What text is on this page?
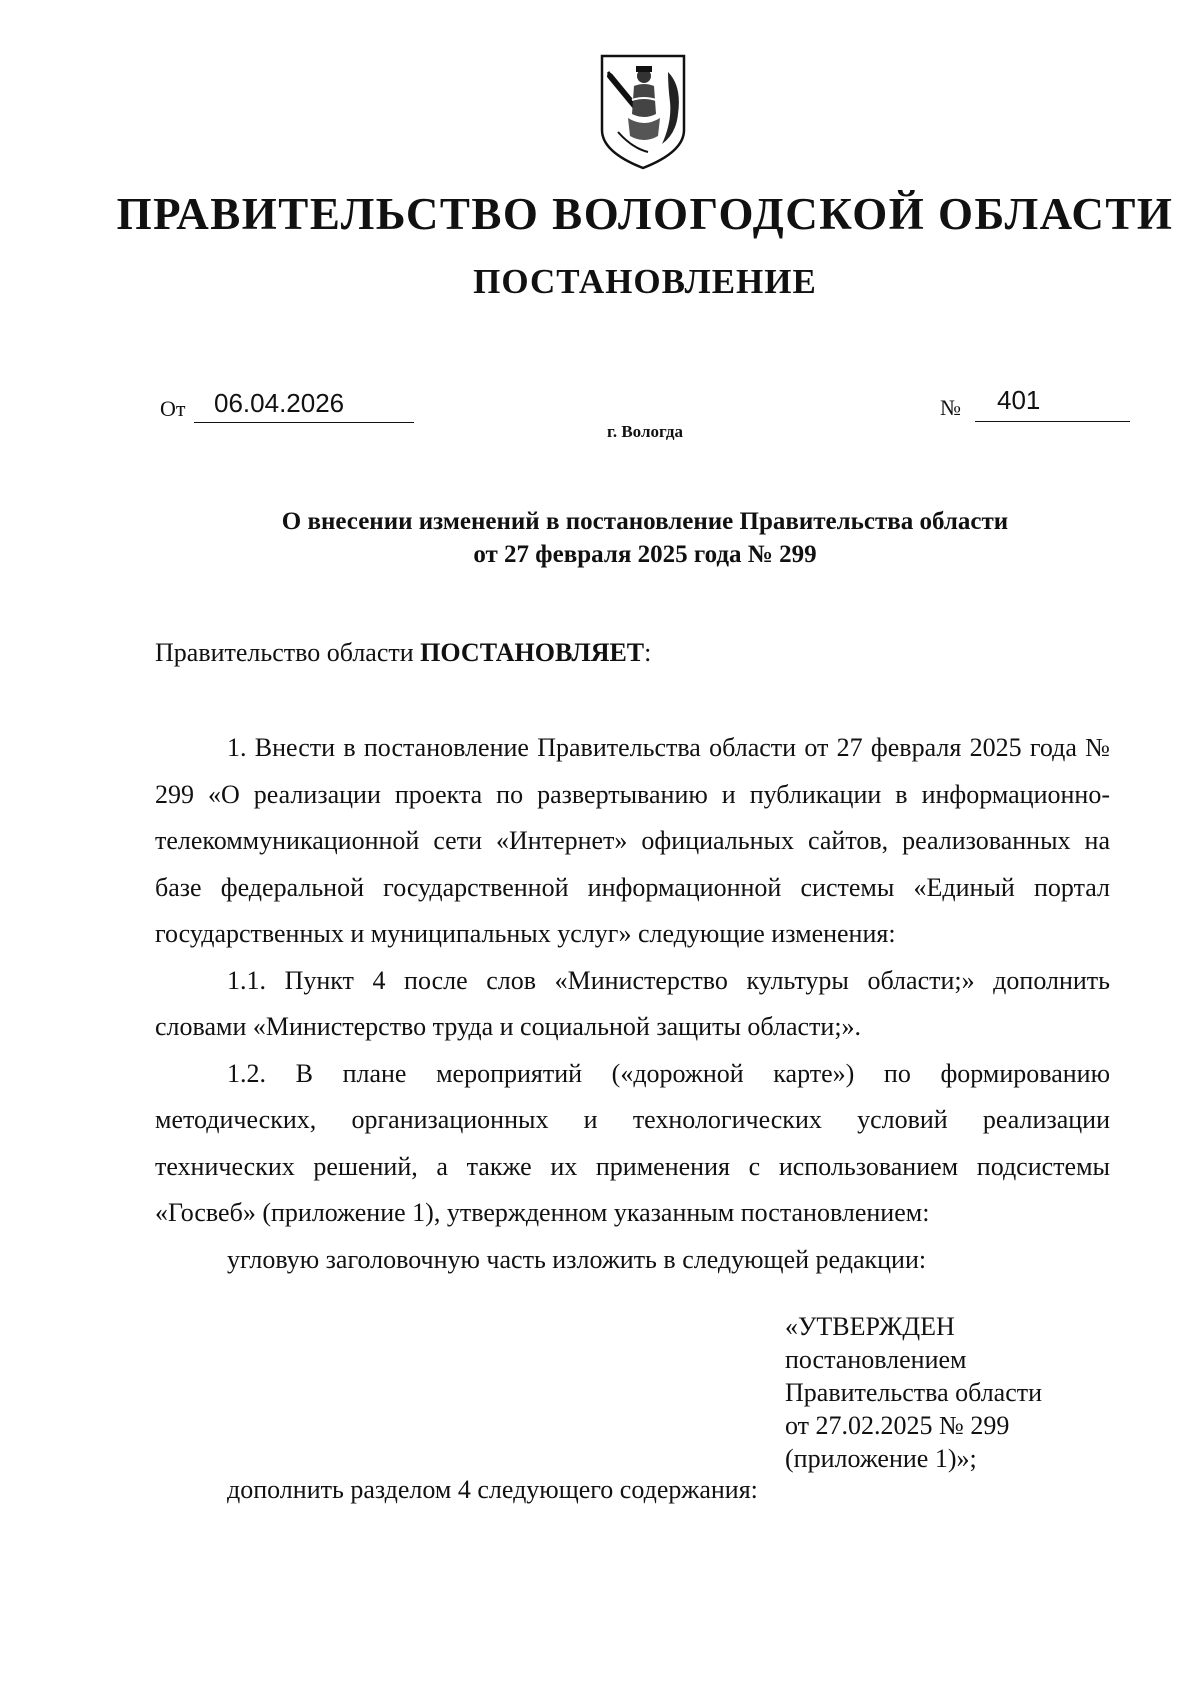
ПРАВИТЕЛЬСТВО ВОЛОГОДСКОЙ ОБЛАСТИ
ПОСТАНОВЛЕНИЕ
От 06.04.2026	№ 401
г. Вологда
О внесении изменений в постановление Правительства области
от 27 февраля 2025 года № 299
Правительство области ПОСТАНОВЛЯЕТ:

1. Внести в постановление Правительства области от 27 февраля 2025 года № 299 «О реализации проекта по развертыванию и публикации в информационно-телекоммуникационной сети «Интернет» официальных сайтов, реализованных на базе федеральной государственной информационной системы «Единый портал государственных и муниципальных услуг» следующие изменения:

1.1. Пункт 4 после слов «Министерство культуры области;» дополнить словами «Министерство труда и социальной защиты области;».

1.2. В плане мероприятий («дорожной карте») по формированию методических, организационных и технологических условий реализации технических решений, а также их применения с использованием подсистемы «Госвеб» (приложение 1), утвержденном указанным постановлением:

угловую заголовочную часть изложить в следующей редакции:

«УТВЕРЖДЕН
постановлением
Правительства области
от 27.02.2025 № 299
(приложение 1)»;
дополнить разделом 4 следующего содержания:
